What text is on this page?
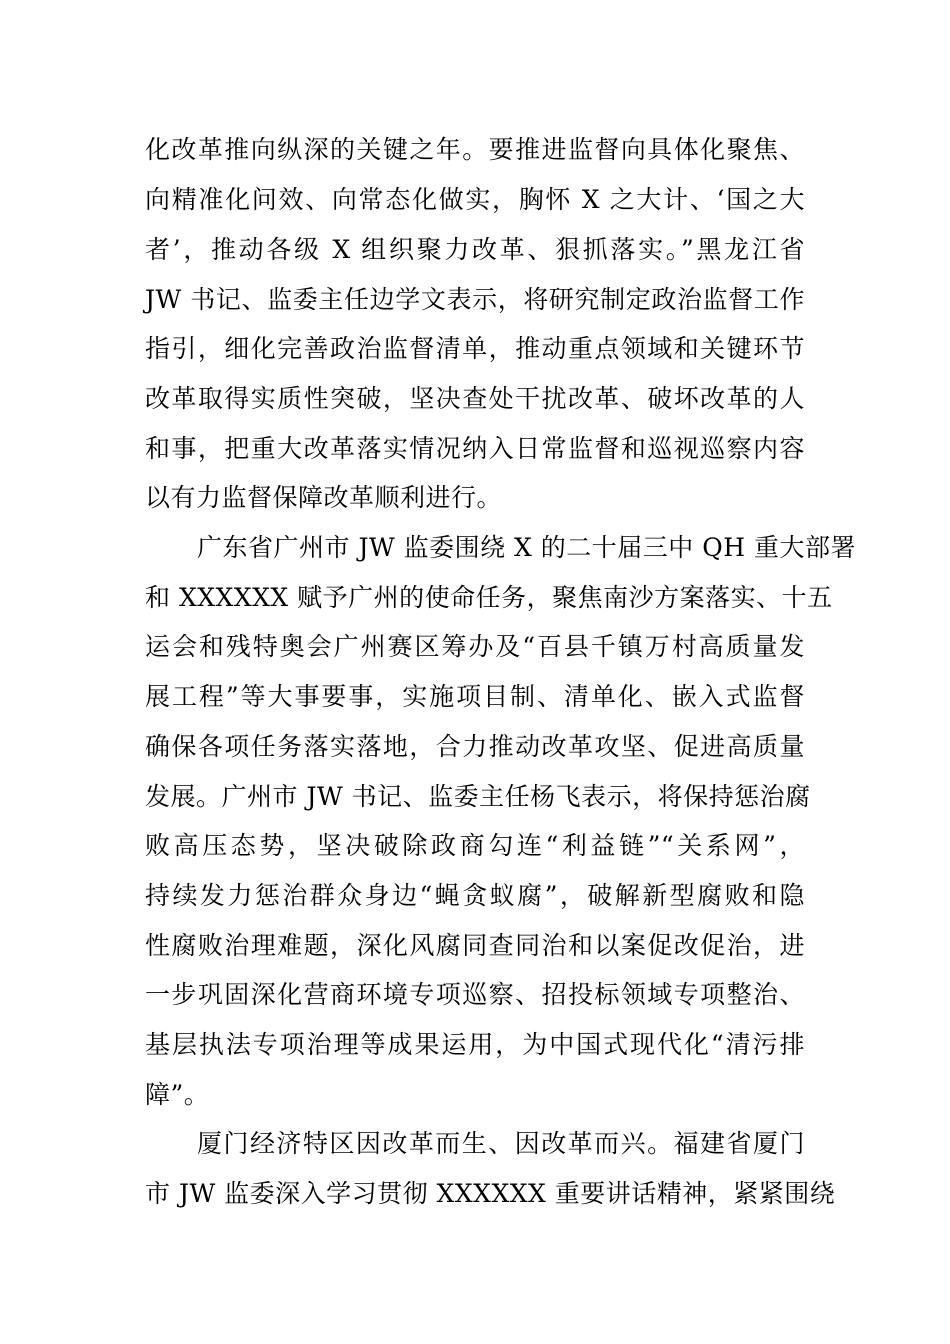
化改革推向纵深的关键之年。要推进监督向具体化聚焦、
向精准化问效、向常态化做实，胸怀 X 之大计、‘国之大
者’，推动各级 X 组织聚力改革、狠抓落实。”黑龙江省
JW 书记、监委主任边学文表示，将研究制定政治监督工作
指引，细化完善政治监督清单，推动重点领域和关键环节
改革取得实质性突破，坚决查处干扰改革、破坏改革的人
和事，把重大改革落实情况纳入日常监督和巡视巡察内容
以有力监督保障改革顺利进行。
广东省广州市 JW 监委围绕 X 的二十届三中 QH 重大部署
和 XXXXXX 赋予广州的使命任务，聚焦南沙方案落实、十五
运会和残特奥会广州赛区筹办及“百县千镇万村高质量发
展工程”等大事要事，实施项目制、清单化、嵌入式监督
确保各项任务落实落地，合力推动改革攻坚、促进高质量
发展。广州市 JW 书记、监委主任杨飞表示，将保持惩治腐
败高压态势，坚决破除政商勾连“利益链”“关系网”，
持续发力惩治群众身边“蝇贪蚁腐”，破解新型腐败和隐
性腐败治理难题，深化风腐同查同治和以案促改促治，进
一步巩固深化营商环境专项巡察、招投标领域专项整治、
基层执法专项治理等成果运用，为中国式现代化“清污排
障”。
厦门经济特区因改革而生、因改革而兴。福建省厦门
市 JW 监委深入学习贯彻 XXXXXX 重要讲话精神，紧紧围绕
